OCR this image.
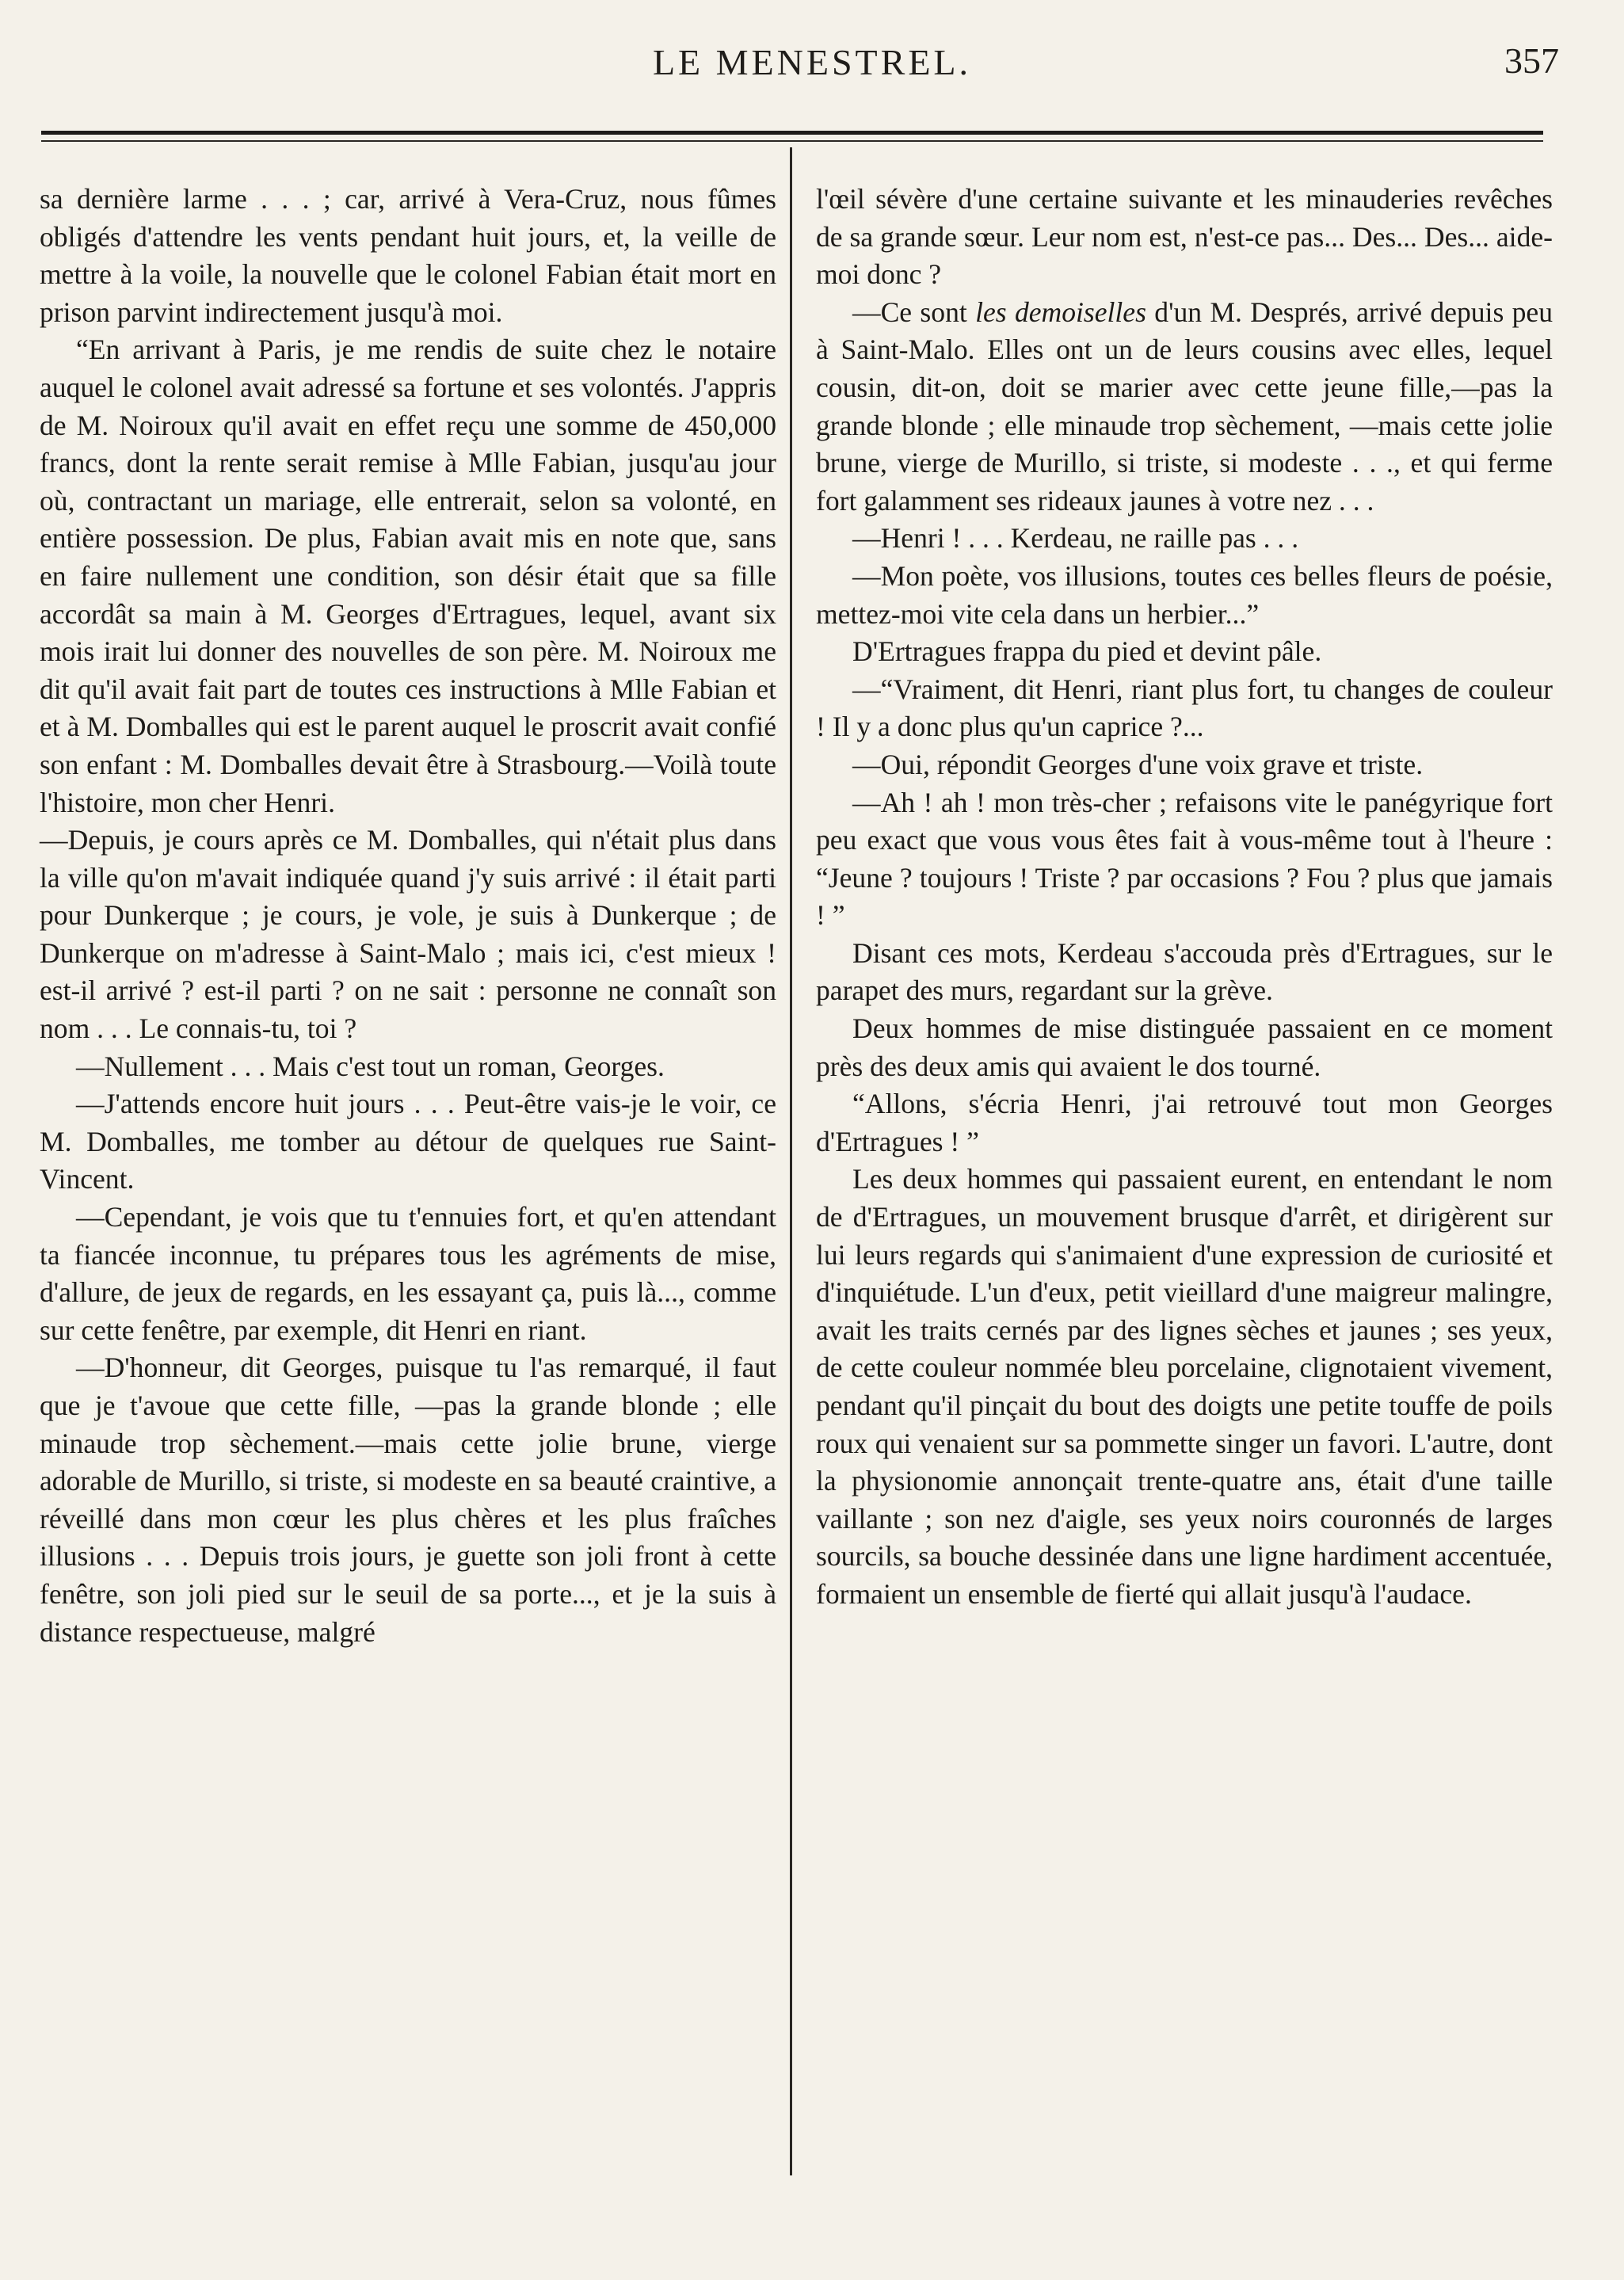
LE MENESTREL.	357

sa dernière larme . . . ; car, arrivé à Vera-Cruz, nous fûmes obligés d'attendre les vents pendant huit jours, et, la veille de mettre à la voile, la nouvelle que le colonel Fabian était mort en prison parvint indirectement jusqu'à moi.

“En arrivant à Paris, je me rendis de suite chez le notaire auquel le colonel avait adressé sa fortune et ses volontés. J'appris de M. Noiroux qu'il avait en effet reçu une somme de 450,000 francs, dont la rente serait remise à Mlle Fabian, jusqu'au jour où, contractant un mariage, elle entrerait, selon sa volonté, en entière possession. De plus, Fabian avait mis en note que, sans en faire nullement une condition, son désir était que sa fille accordât sa main à M. Georges d'Ertragues, lequel, avant six mois irait lui donner des nouvelles de son père. M. Noiroux me dit qu'il avait fait part de toutes ces instructions à Mlle Fabian et et à M. Domballes qui est le parent auquel le proscrit avait confié son enfant : M. Domballes devait être à Strasbourg.—Voilà toute l'histoire, mon cher Henri.

—Depuis, je cours après ce M. Domballes, qui n'était plus dans la ville qu'on m'avait indiquée quand j'y suis arrivé : il était parti pour Dunkerque ; je cours, je vole, je suis à Dunkerque ; de Dunkerque on m'adresse à Saint-Malo ; mais ici, c'est mieux ! est-il arrivé ? est-il parti ? on ne sait : personne ne connaît son nom . . . Le connais-tu, toi ?

—Nullement . . . Mais c'est tout un roman, Georges.

—J'attends encore huit jours . . . Peut-être vais-je le voir, ce M. Domballes, me tomber au détour de quelques rue Saint-Vincent.

—Cependant, je vois que tu t'ennuies fort, et qu'en attendant ta fiancée inconnue, tu prépares tous les agréments de mise, d'allure, de jeux de regards, en les essayant ça, puis là..., comme sur cette fenêtre, par exemple, dit Henri en riant.

—D'honneur, dit Georges, puisque tu l'as remarqué, il faut que je t'avoue que cette fille, —pas la grande blonde ; elle minaude trop sèchement.—mais cette jolie brune, vierge adorable de Murillo, si triste, si modeste en sa beauté craintive, a réveillé dans mon cœur les plus chères et les plus fraîches illusions . . . Depuis trois jours, je guette son joli front à cette fenêtre, son joli pied sur le seuil de sa porte..., et je la suis à distance respectueuse, malgré

l'œil sévère d'une certaine suivante et les minauderies revêches de sa grande sœur. Leur nom est, n'est-ce pas... Des... Des... aide-moi donc ?

—Ce sont les demoiselles d'un M. Després, arrivé depuis peu à Saint-Malo. Elles ont un de leurs cousins avec elles, lequel cousin, dit-on, doit se marier avec cette jeune fille,—pas la grande blonde ; elle minaude trop sèchement, —mais cette jolie brune, vierge de Murillo, si triste, si modeste . . ., et qui ferme fort galamment ses rideaux jaunes à votre nez . . .

—Henri ! . . . Kerdeau, ne raille pas . . .

—Mon poète, vos illusions, toutes ces belles fleurs de poésie, mettez-moi vite cela dans un herbier...”

D'Ertragues frappa du pied et devint pâle.

—“Vraiment, dit Henri, riant plus fort, tu changes de couleur ! Il y a donc plus qu'un caprice ?...

—Oui, répondit Georges d'une voix grave et triste.

—Ah ! ah ! mon très-cher ; refaisons vite le panégyrique fort peu exact que vous vous êtes fait à vous-même tout à l'heure : “Jeune ? toujours ! Triste ? par occasions ? Fou ? plus que jamais ! ”

Disant ces mots, Kerdeau s'accouda près d'Ertragues, sur le parapet des murs, regardant sur la grève.

Deux hommes de mise distinguée passaient en ce moment près des deux amis qui avaient le dos tourné.

“Allons, s'écria Henri, j'ai retrouvé tout mon Georges d'Ertragues ! ”

Les deux hommes qui passaient eurent, en entendant le nom de d'Ertragues, un mouvement brusque d'arrêt, et dirigèrent sur lui leurs regards qui s'animaient d'une expression de curiosité et d'inquiétude. L'un d'eux, petit vieillard d'une maigreur malingre, avait les traits cernés par des lignes sèches et jaunes ; ses yeux, de cette couleur nommée bleu porcelaine, clignotaient vivement, pendant qu'il pinçait du bout des doigts une petite touffe de poils roux qui venaient sur sa pommette singer un favori. L'autre, dont la physionomie annonçait trente-quatre ans, était d'une taille vaillante ; son nez d'aigle, ses yeux noirs couronnés de larges sourcils, sa bouche dessinée dans une ligne hardiment accentuée, formaient un ensemble de fierté qui allait jusqu'à l'audace.
